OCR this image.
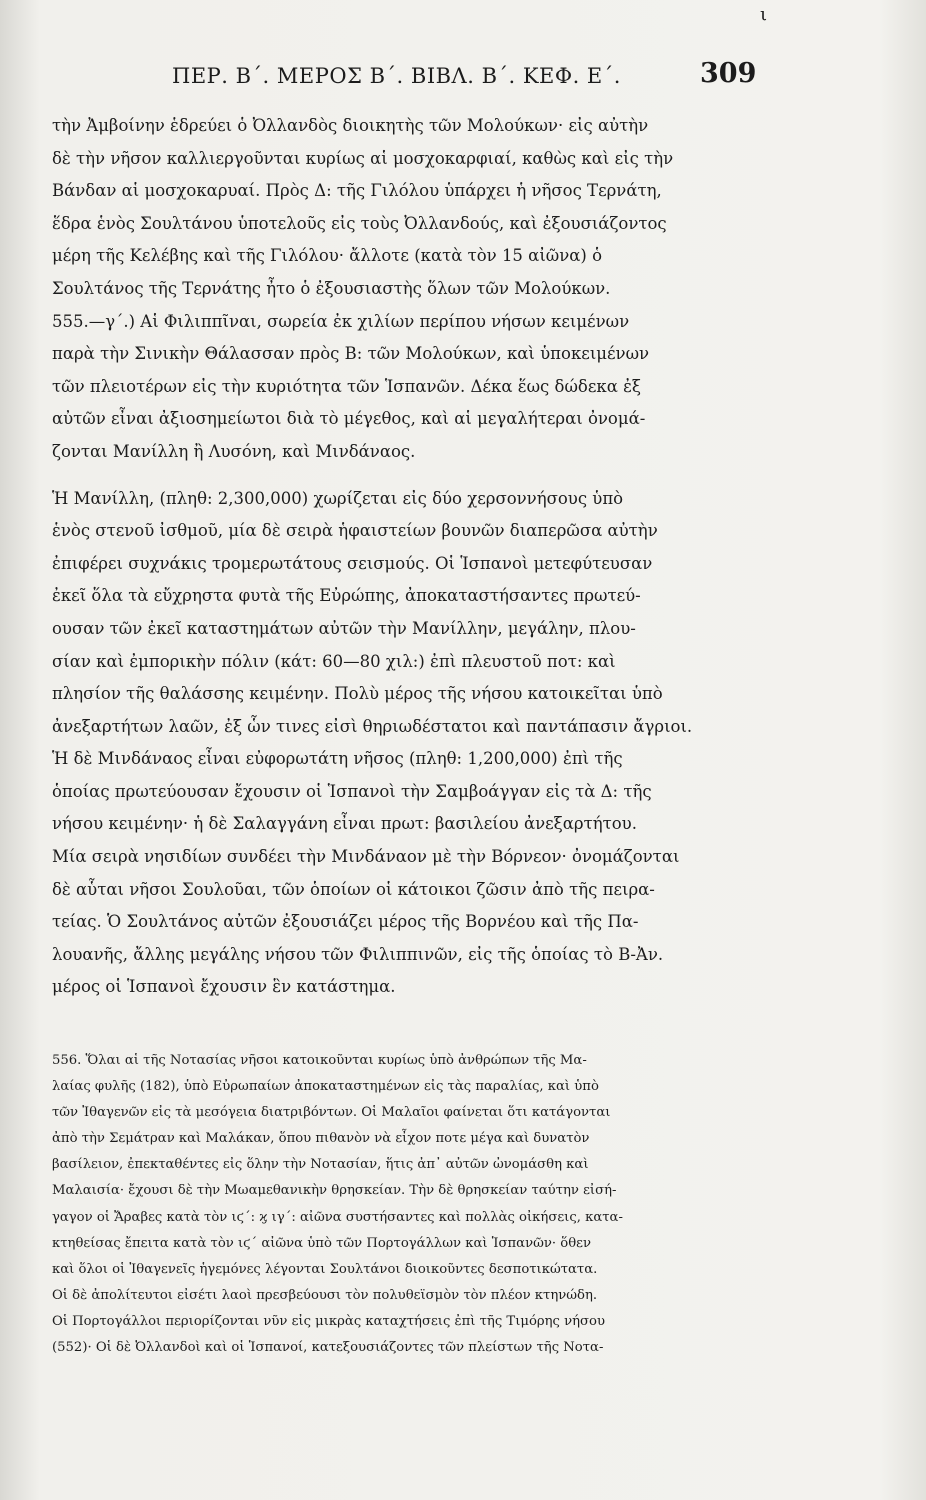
ι
ΠΕΡ. Β΄. ΜΕΡΟΣ Β΄. ΒΙΒΛ. Β΄. ΚΕΦ. Ε΄.	309
τὴν Ἀμβοίνην ἑδρεύει ὁ Ὀλλανδὸς διοικητὴς τῶν Μολούκων· εἰς αὐτὴν
δὲ τὴν νῆσον καλλιεργοῦνται κυρίως αἱ μοσχοκαρφιαί, καθὼς καὶ εἰς τὴν
Βάνδαν αἱ μοσχοκαρυαί. Πρὸς Δ: τῆς Γιλόλου ὑπάρχει ἡ νῆσος Τερνάτη,
ἕδρα ἑνὸς Σουλτάνου ὑποτελοῦς εἰς τοὺς Ὀλλανδούς, καὶ ἐξουσιάζοντος
μέρη τῆς Κελέβης καὶ τῆς Γιλόλου· ἄλλοτε (κατὰ τὸν 15 αἰῶνα) ὁ
Σουλτάνος τῆς Τερνάτης ἦτο ὁ ἐξουσιαστὴς ὅλων τῶν Μολούκων.
555.—γ΄.) Αἱ Φιλιππῖναι, σωρεία ἐκ χιλίων περίπου νήσων κειμένων
παρὰ τὴν Σινικὴν Θάλασσαν πρὸς Β: τῶν Μολούκων, καὶ ὑποκειμένων
τῶν πλειοτέρων εἰς τὴν κυριότητα τῶν Ἱσπανῶν. Δέκα ἕως δώδεκα ἐξ
αὐτῶν εἶναι ἀξιοσημείωτοι διὰ τὸ μέγεθος, καὶ αἱ μεγαλήτεραι ὀνομά-
ζονται Μανίλλη ἢ Λυσόνη, καὶ Μινδάναος.
Ἡ Μανίλλη, (πληθ: 2,300,000) χωρίζεται εἰς δύο χερσοννήσους ὑπὸ
ἑνὸς στενοῦ ἰσθμοῦ, μία δὲ σειρὰ ἡφαιστείων βουνῶν διαπερῶσα αὐτὴν
ἐπιφέρει συχνάκις τρομερωτάτους σεισμούς. Οἱ Ἱσπανοὶ μετεφύτευσαν
ἐκεῖ ὅλα τὰ εὔχρηστα φυτὰ τῆς Εὐρώπης, ἀποκαταστήσαντες πρωτεύ-
ουσαν τῶν ἐκεῖ καταστημάτων αὐτῶν τὴν Μανίλλην, μεγάλην, πλου-
σίαν καὶ ἐμπορικὴν πόλιν (κάτ: 60—80 χιλ:) ἐπὶ πλευστοῦ ποτ: καὶ
πλησίον τῆς θαλάσσης κειμένην. Πολὺ μέρος τῆς νήσου κατοικεῖται ὑπὸ
ἀνεξαρτήτων λαῶν, ἐξ ὧν τινες εἰσὶ θηριωδέστατοι καὶ παντάπασιν ἄγριοι.
Ἡ δὲ Μινδάναος εἶναι εὐφορωτάτη νῆσος (πληθ: 1,200,000) ἐπὶ τῆς
ὁποίας πρωτεύουσαν ἔχουσιν οἱ Ἱσπανοὶ τὴν Σαμβοάγγαν εἰς τὰ Δ: τῆς
νήσου κειμένην· ἡ δὲ Σαλαγγάνη εἶναι πρωτ: βασιλείου ἀνεξαρτήτου.
Μία σειρὰ νησιδίων συνδέει τὴν Μινδάναον μὲ τὴν Βόρνεον· ὀνομάζονται
δὲ αὗται νῆσοι Σουλοῦαι, τῶν ὁποίων οἱ κάτοικοι ζῶσιν ἀπὸ τῆς πειρα-
τείας. Ὁ Σουλτάνος αὐτῶν ἐξουσιάζει μέρος τῆς Βορνέου καὶ τῆς Πα-
λουανῆς, ἄλλης μεγάλης νήσου τῶν Φιλιππινῶν, εἰς τῆς ὁποίας τὸ Β-Ἀν.
μέρος οἱ Ἱσπανοὶ ἔχουσιν ἓν κατάστημα.
556. Ὅλαι αἱ τῆς Νοτασίας νῆσοι κατοικοῦνται κυρίως ὑπὸ ἀνθρώπων τῆς Μα-
λαίας φυλῆς (182), ὑπὸ Εὐρωπαίων ἀποκαταστημένων εἰς τὰς παραλίας, καὶ ὑπὸ
τῶν Ἰθαγενῶν εἰς τὰ μεσόγεια διατριβόντων. Οἱ Μαλαῖοι φαίνεται ὅτι κατάγονται
ἀπὸ τὴν Σεμάτραν καὶ Μαλάκαν, ὅπου πιθανὸν νὰ εἶχον ποτε μέγα καὶ δυνατὸν
βασίλειον, ἐπεκταθέντες εἰς ὅλην τὴν Νοτασίαν, ἥτις ἀπ᾽ αὐτῶν ὠνομάσθη καὶ
Μαλαισία· ἔχουσι δὲ τὴν Μωαμεθανικὴν θρησκείαν. Τὴν δὲ θρησκείαν ταύτην εἰσή-
γαγον οἱ Ἄραβες κατὰ τὸν ιϛ΄: ϗ ιγ΄: αἰῶνα συστήσαντες καὶ πολλὰς οἰκήσεις, κατα-
κτηθείσας ἔπειτα κατὰ τὸν ιϛ΄ αἰῶνα ὑπὸ τῶν Πορτογάλλων καὶ Ἱσπανῶν· ὅθεν
καὶ ὅλοι οἱ Ἰθαγενεῖς ἡγεμόνες λέγονται Σουλτάνοι διοικοῦντες δεσποτικώτατα.
Οἱ δὲ ἀπολίτευτοι εἰσέτι λαοὶ πρεσβεύουσι τὸν πολυθεϊσμὸν τὸν πλέον κτηνώδη.
Οἱ Πορτογάλλοι περιορίζονται νῦν εἰς μικρὰς καταχτήσεις ἐπὶ τῆς Τιμόρης νήσου
(552)· Οἱ δὲ Ὀλλανδοὶ καὶ οἱ Ἱσπανοί, κατεξουσιάζοντες τῶν πλείστων τῆς Νοτα-
